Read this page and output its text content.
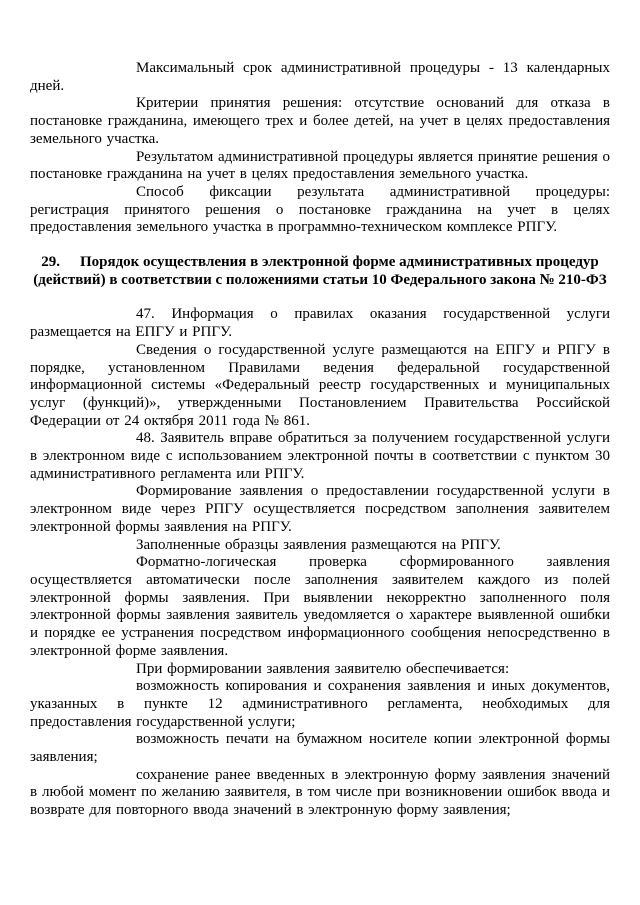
Максимальный срок административной процедуры - 13 календарных дней.

Критерии принятия решения: отсутствие оснований для отказа в постановке гражданина, имеющего трех и более детей, на учет в целях предоставления земельного участка.

Результатом административной процедуры является принятие решения о постановке гражданина на учет в целях предоставления земельного участка.

Способ фиксации результата административной процедуры: регистрация принятого решения о постановке гражданина на учет в целях предоставления земельного участка в программно-техническом комплексе РПГУ.

29. Порядок осуществления в электронной форме административных процедур (действий) в соответствии с положениями статьи 10 Федерального закона № 210-ФЗ

47. Информация о правилах оказания государственной услуги размещается на ЕПГУ и РПГУ.

Сведения о государственной услуге размещаются на ЕПГУ и РПГУ в порядке, установленном Правилами ведения федеральной государственной информационной системы «Федеральный реестр государственных и муниципальных услуг (функций)», утвержденными Постановлением Правительства Российской Федерации от 24 октября 2011 года № 861.

48. Заявитель вправе обратиться за получением государственной услуги в электронном виде с использованием электронной почты в соответствии с пунктом 30 административного регламента или РПГУ.

Формирование заявления о предоставлении государственной услуги в электронном виде через РПГУ осуществляется посредством заполнения заявителем электронной формы заявления на РПГУ.

Заполненные образцы заявления размещаются на РПГУ.

Форматно-логическая проверка сформированного заявления осуществляется автоматически после заполнения заявителем каждого из полей электронной формы заявления. При выявлении некорректно заполненного поля электронной формы заявления заявитель уведомляется о характере выявленной ошибки и порядке ее устранения посредством информационного сообщения непосредственно в электронной форме заявления.

При формировании заявления заявителю обеспечивается:

возможность копирования и сохранения заявления и иных документов, указанных в пункте 12 административного регламента, необходимых для предоставления государственной услуги;

возможность печати на бумажном носителе копии электронной формы заявления;

сохранение ранее введенных в электронную форму заявления значений в любой момент по желанию заявителя, в том числе при возникновении ошибок ввода и возврате для повторного ввода значений в электронную форму заявления;
